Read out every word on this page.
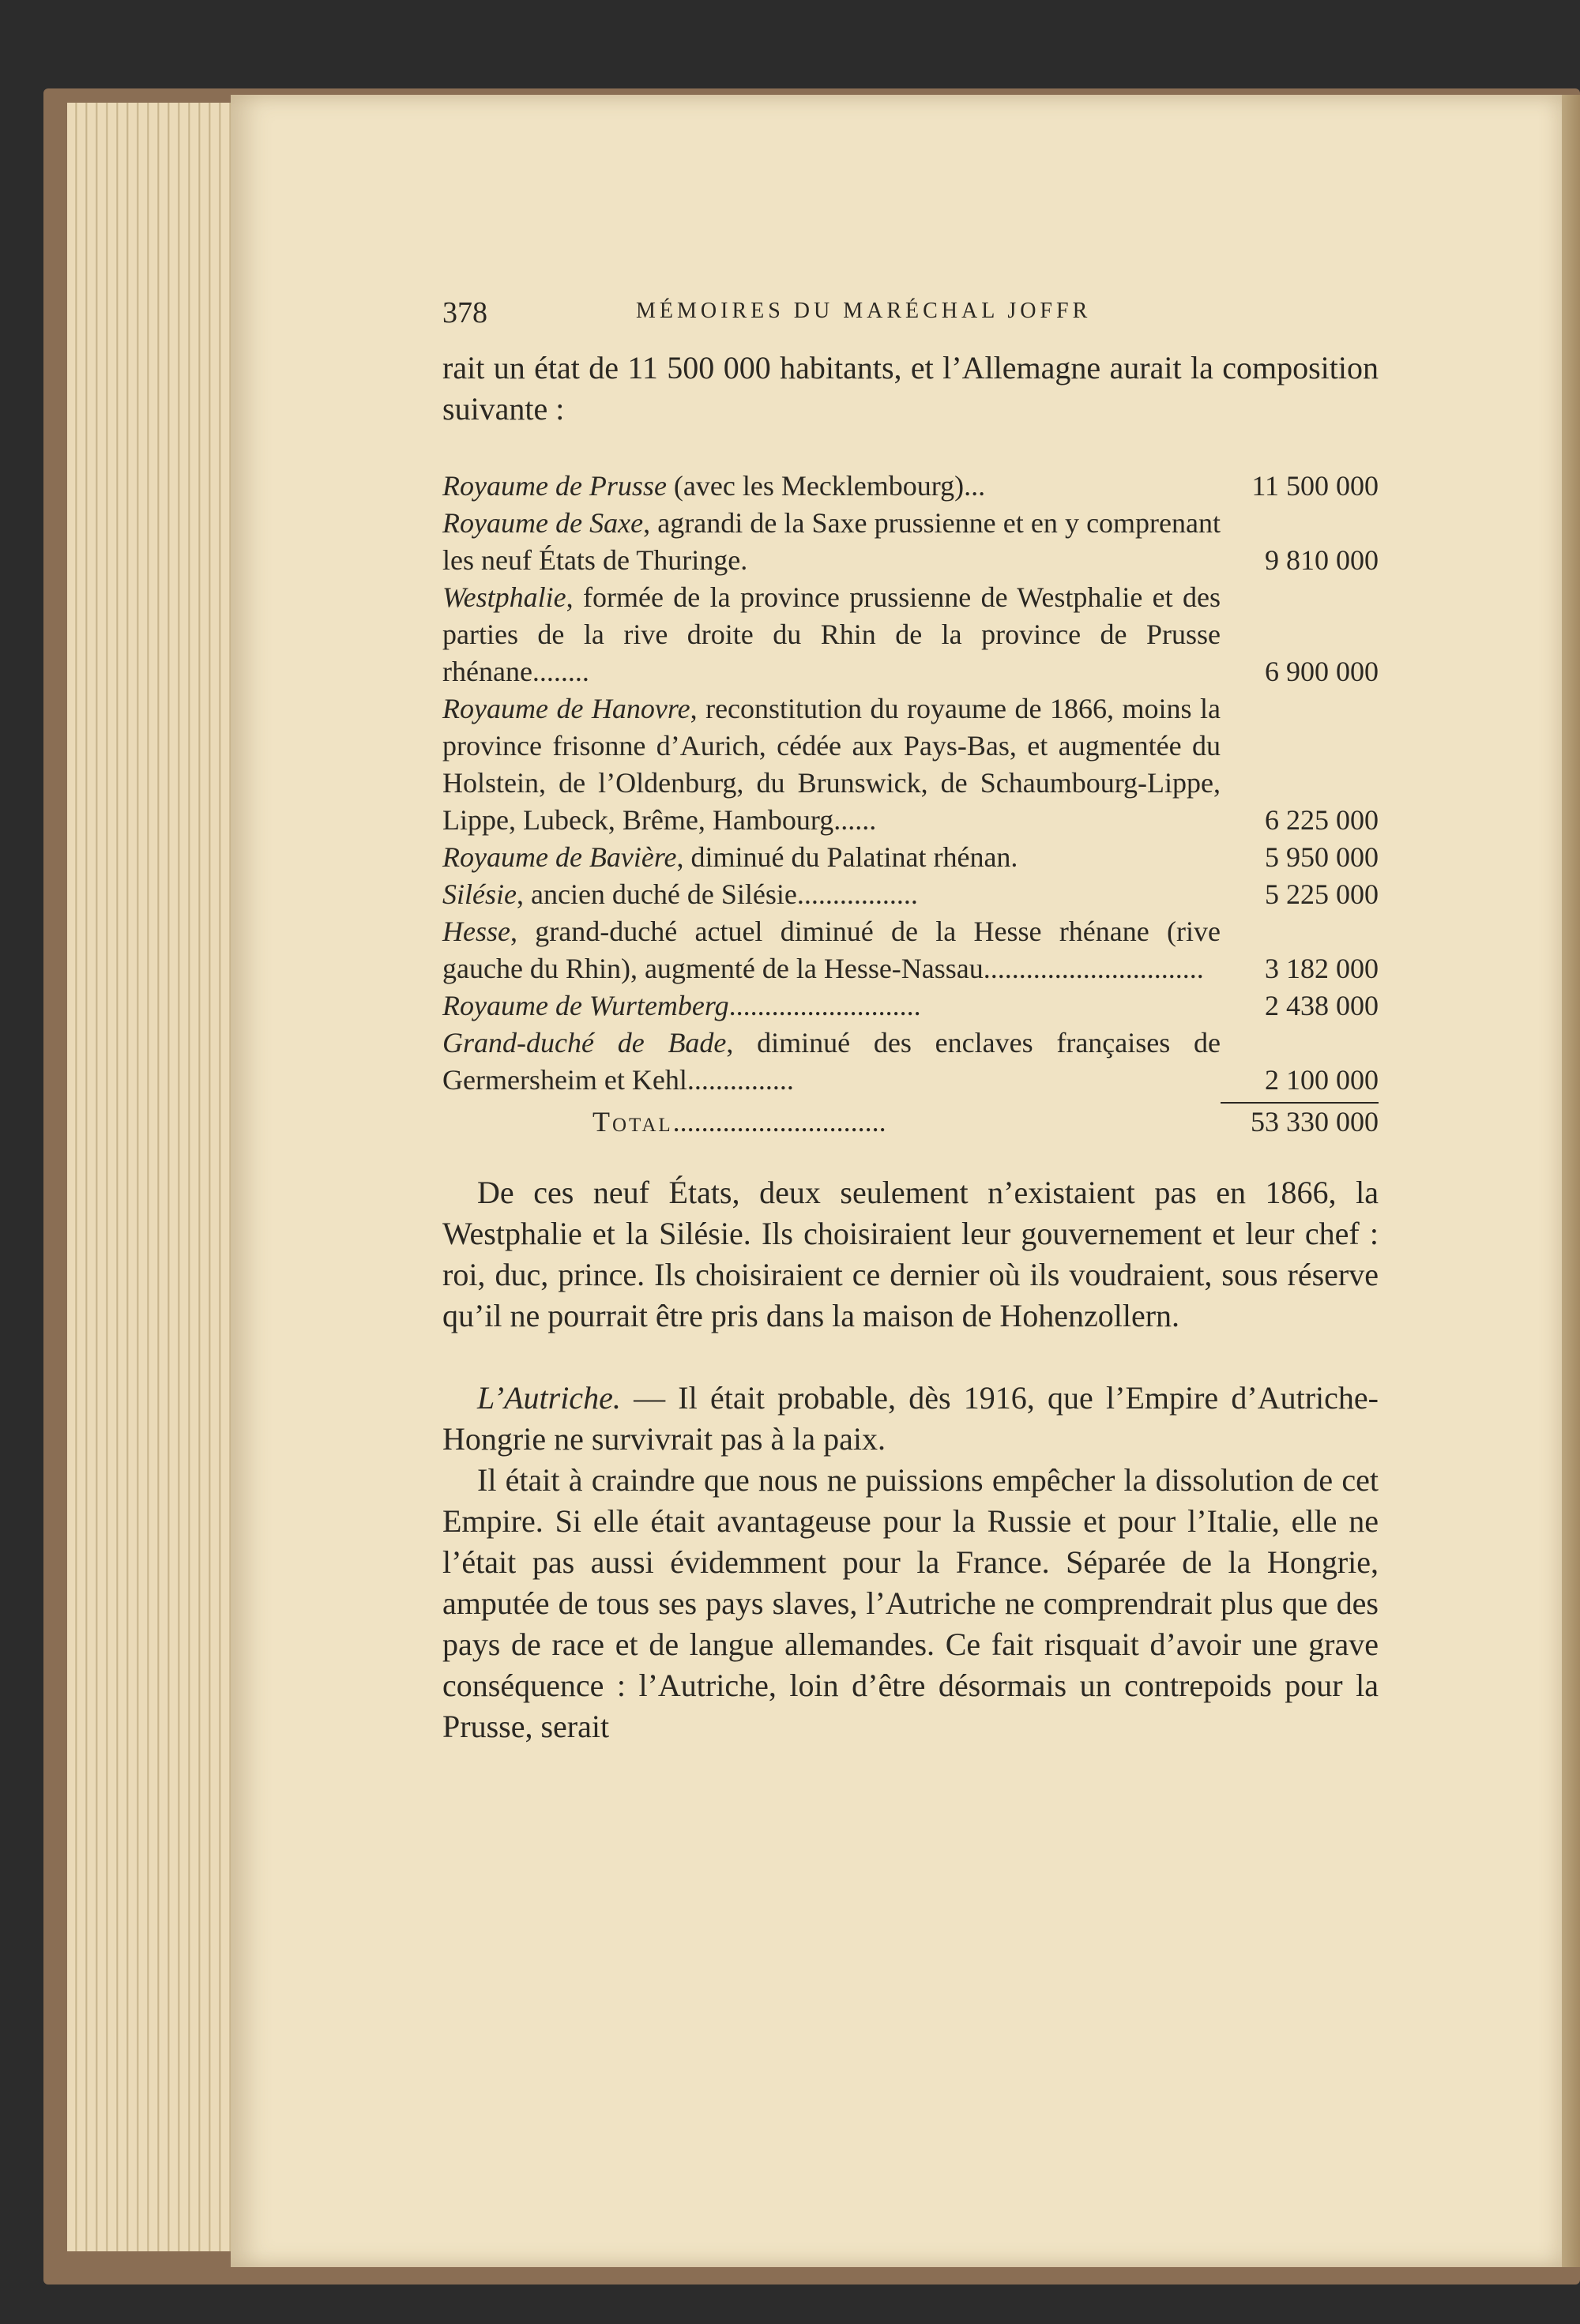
378	MÉMOIRES DU MARÉCHAL JOFFR

rait un état de 11 500 000 habitants, et l’Allemagne aurait la composition suivante :

Royaume de Prusse (avec les Mecklembourg)...	11 500 000
Royaume de Saxe, agrandi de la Saxe prussienne et en y comprenant les neuf États de Thuringe.	9 810 000
Westphalie, formée de la province prussienne de Westphalie et des parties de la rive droite du Rhin de la province de Prusse rhénane........	6 900 000
Royaume de Hanovre, reconstitution du royaume de 1866, moins la province frisonne d’Aurich, cédée aux Pays-Bas, et augmentée du Holstein, de l’Oldenburg, du Brunswick, de Schaumbourg-Lippe, Lippe, Lubeck, Brême, Hambourg......	6 225 000
Royaume de Bavière, diminué du Palatinat rhénan.	5 950 000
Silésie, ancien duché de Silésie.................	5 225 000
Hesse, grand-duché actuel diminué de la Hesse rhénane (rive gauche du Rhin), augmenté de la Hesse-Nassau...............................	3 182 000
Royaume de Wurtemberg...........................	2 438 000
Grand-duché de Bade, diminué des enclaves françaises de Germersheim et Kehl...............	2 100 000
Total..............................	53 330 000

De ces neuf États, deux seulement n’existaient pas en 1866, la Westphalie et la Silésie. Ils choisiraient leur gouvernement et leur chef : roi, duc, prince. Ils choisiraient ce dernier où ils voudraient, sous réserve qu’il ne pourrait être pris dans la maison de Hohenzollern.

L’Autriche. — Il était probable, dès 1916, que l’Empire d’Autriche-Hongrie ne survivrait pas à la paix.

Il était à craindre que nous ne puissions empêcher la dissolution de cet Empire. Si elle était avantageuse pour la Russie et pour l’Italie, elle ne l’était pas aussi évidemment pour la France. Séparée de la Hongrie, amputée de tous ses pays slaves, l’Autriche ne comprendrait plus que des pays de race et de langue allemandes. Ce fait risquait d’avoir une grave conséquence : l’Autriche, loin d’être désormais un contrepoids pour la Prusse, serait
